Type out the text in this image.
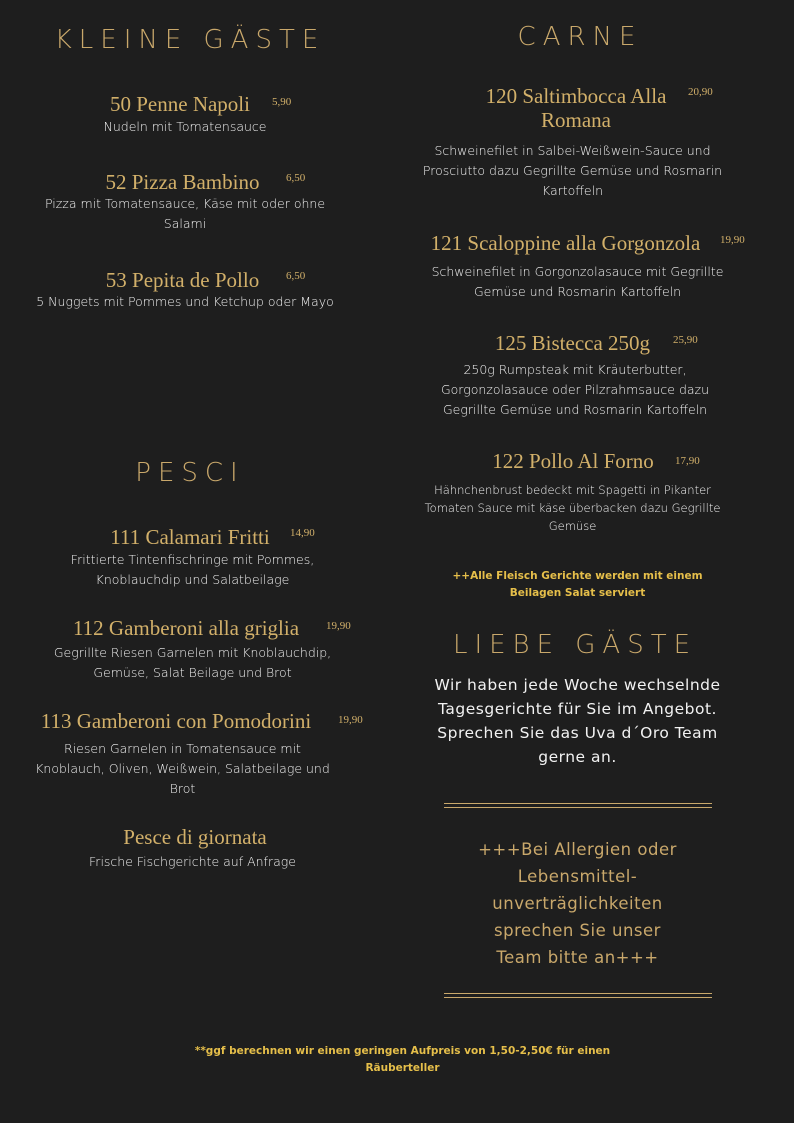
KLEINE GÄSTE	CARNE
PESCI
LIEBE GÄSTE
50 Penne Napoli	5,90
Nudeln mit Tomatensauce
52 Pizza Bambino	6,50
Pizza mit Tomatensauce, Käse mit oder ohne Salami
53 Pepita de Pollo	6,50
5 Nuggets mit Pommes und Ketchup oder Mayo
111 Calamari Fritti	14,90
Frittierte Tintenfischringe mit Pommes, Knoblauchdip und Salatbeilage
112 Gamberoni alla griglia	19,90
Gegrillte Riesen Garnelen mit Knoblauchdip, Gemüse, Salat Beilage und Brot
113 Gamberoni con Pomodorini	19,90
Riesen Garnelen in Tomatensauce mit Knoblauch, Oliven, Weißwein, Salatbeilage und Brot
Pesce di giornata
Frische Fischgerichte auf Anfrage
120 Saltimbocca Alla Romana
20,90
Schweinefilet in Salbei-Weißwein-Sauce und Prosciutto dazu Gegrillte Gemüse und Rosmarin Kartoffeln
121 Scaloppine alla Gorgonzola	19,90
Schweinefilet in Gorgonzolasauce mit Gegrillte Gemüse und Rosmarin Kartoffeln
125 Bistecca 250g	25,90
250g Rumpsteak mit Kräuterbutter, Gorgonzolasauce oder Pilzrahmsauce dazu Gegrillte Gemüse und Rosmarin Kartoffeln
122 Pollo Al Forno	17,90
Hähnchenbrust bedeckt mit Spagetti in Pikanter Tomaten Sauce mit käse überbacken dazu Gegrillte Gemüse
++Alle Fleisch Gerichte werden mit einem Beilagen Salat serviert
Wir haben jede Woche wechselnde Tagesgerichte für Sie im Angebot. Sprechen Sie das Uva d´Oro Team gerne an.
+++Bei Allergien oder Lebensmittel-unverträglichkeiten sprechen Sie unser Team bitte an+++
**ggf berechnen wir einen geringen Aufpreis von 1,50-2,50€ für einen Räuberteller
